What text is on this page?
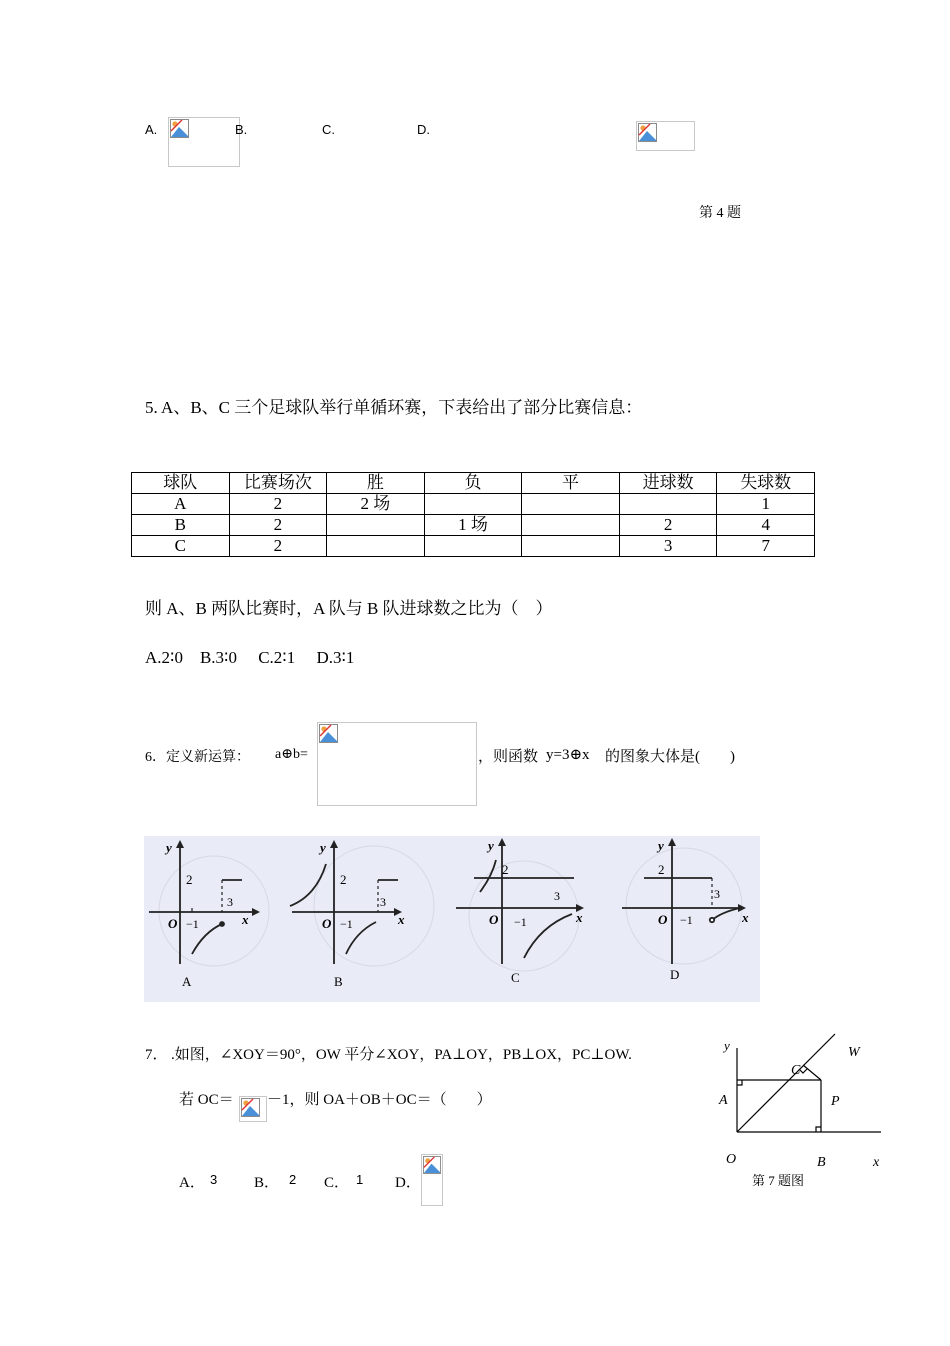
A.	B.	C.	D.
第 4 题
5. A、B、C 三个足球队举行单循环赛，下表给出了部分比赛信息：
球队	比赛场次	胜	负	平	进球数	失球数
A	2	2 场				1
B	2		1 场		2	4
C	2				3	7
则 A、B 两队比赛时，A 队与 B 队进球数之比为（　）
A.2∶0　B.3∶0　 C.2∶1　 D.3∶1
6．定义新运算： a⊕b=	，则函数 y=3⊕x 的图象大体是(　　)
y
2
3
−1
O	x
A
y
2
3
−1
O	x
B
y
2
3
−1
O	x
C
y
2
3
−1
O	x
D
7． .如图，∠XOY＝90°，OW 平分∠XOY，PA⊥OY，PB⊥OX，PC⊥OW.
若 OC＝ －1，则 OA＋OB＋OC＝（　　）
A． 3 B． 2 C． 1 D．
y	W
C
A	P
O	B	x
第 7 题图
